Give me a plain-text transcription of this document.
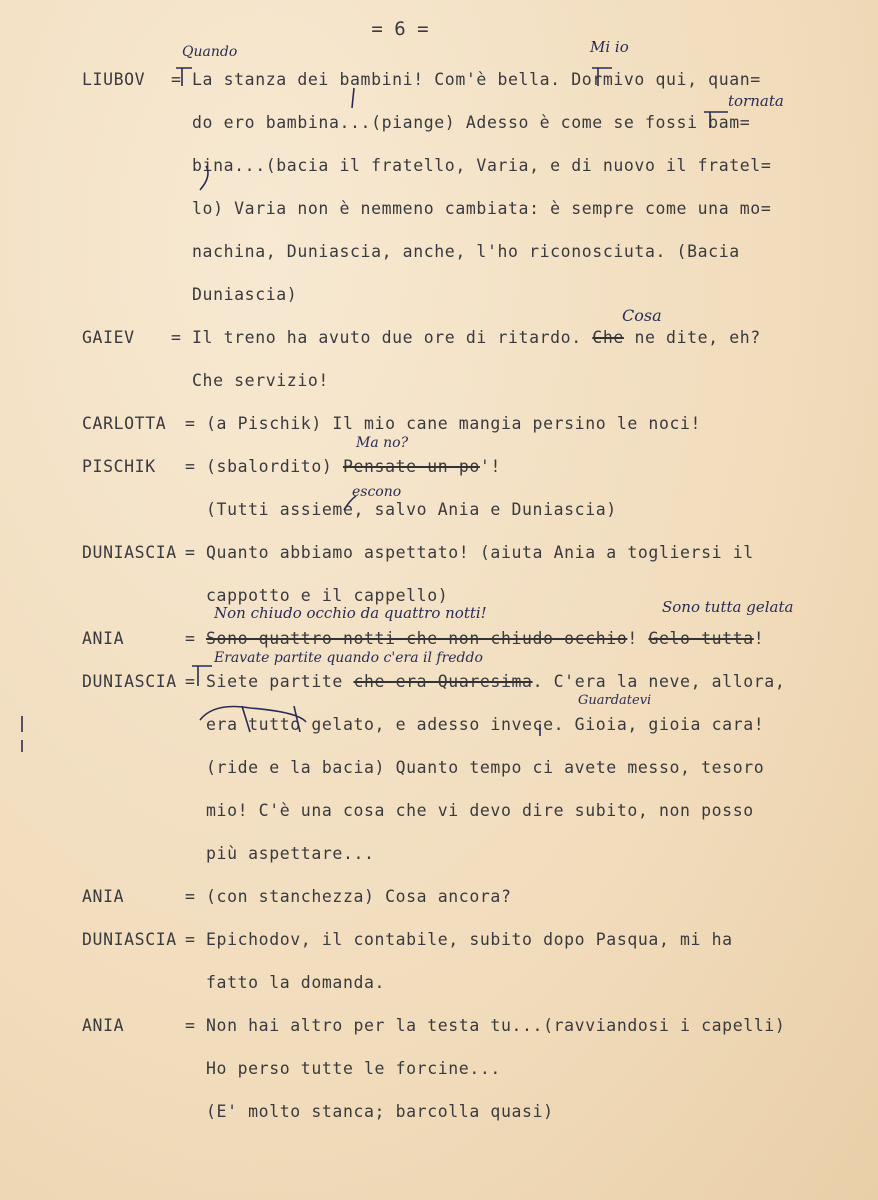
= 6 =
LIUBOV = La stanza dei bambini! Com'è bella. Dormivo qui, quan=
do ero bambina...(piange) Adesso è come se fossi bam=
bina...(bacia il fratello, Varia, e di nuovo il fratel=
lo) Varia non è nemmeno cambiata: è sempre come una mo=
nachina, Duniascia, anche, l'ho riconosciuta. (Bacia
Duniascia)
GAIEV = Il treno ha avuto due ore di ritardo. Che ne dite, eh?
Che servizio!
CARLOTTA = (a Pischik) Il mio cane mangia persino le noci!
PISCHIK = (sbalordito) Pensate un po'!
(Tutti assieme, salvo Ania e Duniascia)
DUNIASCIA = Quanto abbiamo aspettato! (aiuta Ania a togliersi il
cappotto e il cappello)
ANIA	= Sono quattro notti che non chiudo occhio! Gelo tutta!
DUNIASCIA = Siete partite che era Quaresima. C'era la neve, allora,
era tutto gelato, e adesso invece. Gioia, gioia cara!
(ride e la bacia) Quanto tempo ci avete messo, tesoro
mio! C'è una cosa che vi devo dire subito, non posso
più aspettare...
ANIA	= (con stanchezza) Cosa ancora?
DUNIASCIA = Epichodov, il contabile, subito dopo Pasqua, mi ha
fatto la domanda.
ANIA	= Non hai altro per la testa tu...(ravviandosi i capelli)
Ho perso tutte le forcine...
(E' molto stanca; barcolla quasi)
Quando	Mi io
tornata
Cosa
Ma no?
escono
Non chiudo occhio da quattro notti!	Sono tutta gelata
Eravate partite quando c'era il freddo
Guardatevi
